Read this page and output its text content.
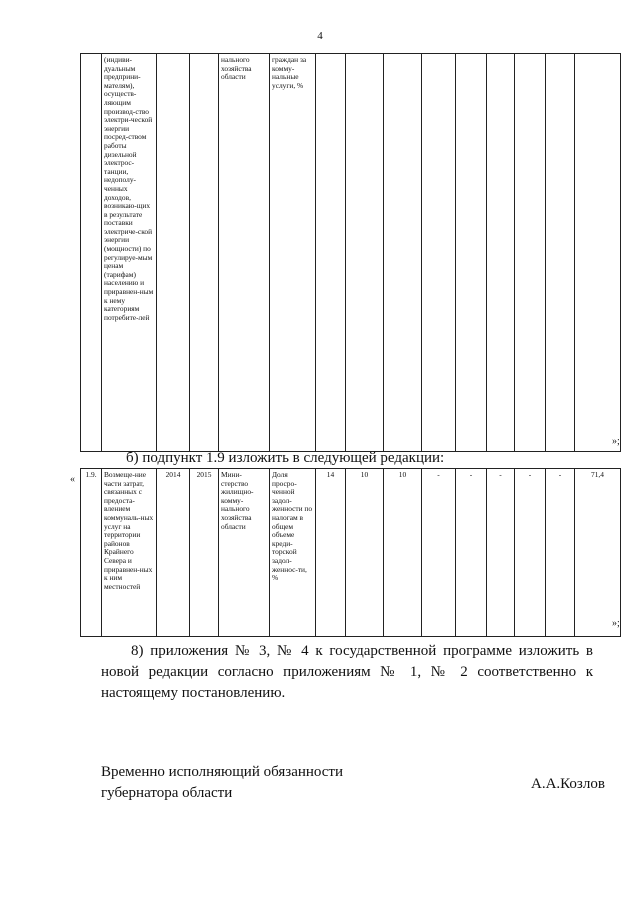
4
	(индиви-дуальным предприни-мателям), осуществ-ляющим производ-ство электри-ческой энергии посред-ством работы дизельной электрос-танции, недополу-ченных доходов, возникаю-щих в результате поставки электриче-ской энергии (мощности) по регулируе-мым ценам (тарифам) населению и приравнен-ным к нему категориям потребите-лей			нального хозяйства области	граждан за комму-нальные услуги, %									
»;
б) подпункт 1.9 изложить в следующей редакции:
« 1.9.	Возмеще-ние части затрат, связанных с предоста-влением коммуналь-ных услуг на территории районов Крайнего Севера и приравнен-ных к ним местностей	2014	2015	Мини-стерство жилищно-комму-нального хозяйства области	Доля просро-ченной задол-женности по налогам в общем объеме креди-торской задол-женнос-ти, %	14	10	10	-	-	-	-	-	71,4
»;
8) приложения № 3, № 4 к государственной программе изложить в новой редакции согласно приложениям № 1, № 2 соответственно к настоящему постановлению.
Временно исполняющий обязанности
губернатора области
А.А.Козлов
